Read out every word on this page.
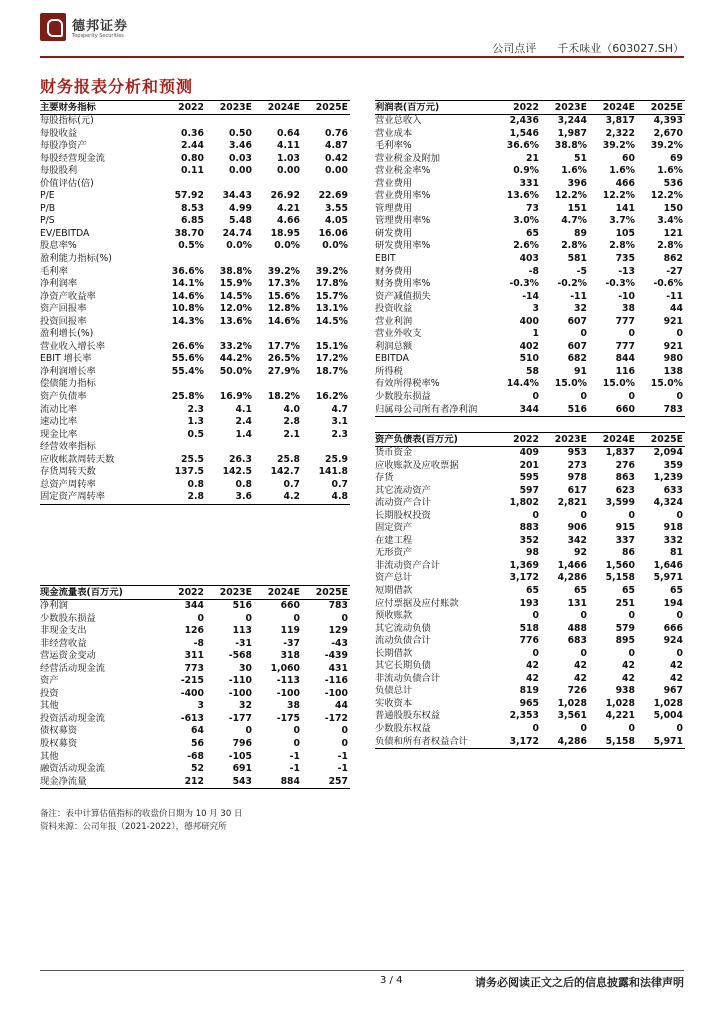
德邦证券
Topsperity Securities
公司点评 千禾味业（603027.SH）
财务报表分析和预测
主要财务指标	2022	2023E	2024E	2025E
每股指标(元)				
每股收益	0.36	0.50	0.64	0.76
每股净资产	2.44	3.46	4.11	4.87
每股经营现金流	0.80	0.03	1.03	0.42
每股股利	0.11	0.00	0.00	0.00
价值评估(倍)				
P/E	57.92	34.43	26.92	22.69
P/B	8.53	4.99	4.21	3.55
P/S	6.85	5.48	4.66	4.05
EV/EBITDA	38.70	24.74	18.95	16.06
股息率%	0.5%	0.0%	0.0%	0.0%
盈利能力指标(%)				
毛利率	36.6%	38.8%	39.2%	39.2%
净利润率	14.1%	15.9%	17.3%	17.8%
净资产收益率	14.6%	14.5%	15.6%	15.7%
资产回报率	10.8%	12.0%	12.8%	13.1%
投资回报率	14.3%	13.6%	14.6%	14.5%
盈利增长(%)				
营业收入增长率	26.6%	33.2%	17.7%	15.1%
EBIT 增长率	55.6%	44.2%	26.5%	17.2%
净利润增长率	55.4%	50.0%	27.9%	18.7%
偿债能力指标				
资产负债率	25.8%	16.9%	18.2%	16.2%
流动比率	2.3	4.1	4.0	4.7
速动比率	1.3	2.4	2.8	3.1
现金比率	0.5	1.4	2.1	2.3
经营效率指标				
应收帐款周转天数	25.5	26.3	25.8	25.9
存货周转天数	137.5	142.5	142.7	141.8
总资产周转率	0.8	0.8	0.7	0.7
固定资产周转率	2.8	3.6	4.2	4.8
现金流量表(百万元)	2022	2023E	2024E	2025E
净利润	344	516	660	783
少数股东损益	0	0	0	0
非现金支出	126	113	119	129
非经营收益	-8	-31	-37	-43
营运资金变动	311	-568	318	-439
经营活动现金流	773	30	1,060	431
资产	-215	-110	-113	-116
投资	-400	-100	-100	-100
其他	3	32	38	44
投资活动现金流	-613	-177	-175	-172
债权募资	64	0	0	0
股权募资	56	796	0	0
其他	-68	-105	-1	-1
融资活动现金流	52	691	-1	-1
现金净流量	212	543	884	257
利润表(百万元)	2022	2023E	2024E	2025E
营业总收入	2,436	3,244	3,817	4,393
营业成本	1,546	1,987	2,322	2,670
毛利率%	36.6%	38.8%	39.2%	39.2%
营业税金及附加	21	51	60	69
营业税金率%	0.9%	1.6%	1.6%	1.6%
营业费用	331	396	466	536
营业费用率%	13.6%	12.2%	12.2%	12.2%
管理费用	73	151	141	150
管理费用率%	3.0%	4.7%	3.7%	3.4%
研发费用	65	89	105	121
研发费用率%	2.6%	2.8%	2.8%	2.8%
EBIT	403	581	735	862
财务费用	-8	-5	-13	-27
财务费用率%	-0.3%	-0.2%	-0.3%	-0.6%
资产减值损失	-14	-11	-10	-11
投资收益	3	32	38	44
营业利润	400	607	777	921
营业外收支	1	0	0	0
利润总额	402	607	777	921
EBITDA	510	682	844	980
所得税	58	91	116	138
有效所得税率%	14.4%	15.0%	15.0%	15.0%
少数股东损益	0	0	0	0
归属母公司所有者净利润	344	516	660	783
资产负债表(百万元)	2022	2023E	2024E	2025E
货币资金	409	953	1,837	2,094
应收账款及应收票据	201	273	276	359
存货	595	978	863	1,239
其它流动资产	597	617	623	633
流动资产合计	1,802	2,821	3,599	4,324
长期股权投资	0	0	0	0
固定资产	883	906	915	918
在建工程	352	342	337	332
无形资产	98	92	86	81
非流动资产合计	1,369	1,466	1,560	1,646
资产总计	3,172	4,286	5,158	5,971
短期借款	65	65	65	65
应付票据及应付账款	193	131	251	194
预收账款	0	0	0	0
其它流动负债	518	488	579	666
流动负债合计	776	683	895	924
长期借款	0	0	0	0
其它长期负债	42	42	42	42
非流动负债合计	42	42	42	42
负债总计	819	726	938	967
实收资本	965	1,028	1,028	1,028
普通股股东权益	2,353	3,561	4,221	5,004
少数股东权益	0	0	0	0
负债和所有者权益合计	3,172	4,286	5,158	5,971
备注：表中计算估值指标的收盘价日期为 10 月 30 日
资料来源：公司年报（2021-2022），德邦研究所
3 / 4	请务必阅读正文之后的信息披露和法律声明
